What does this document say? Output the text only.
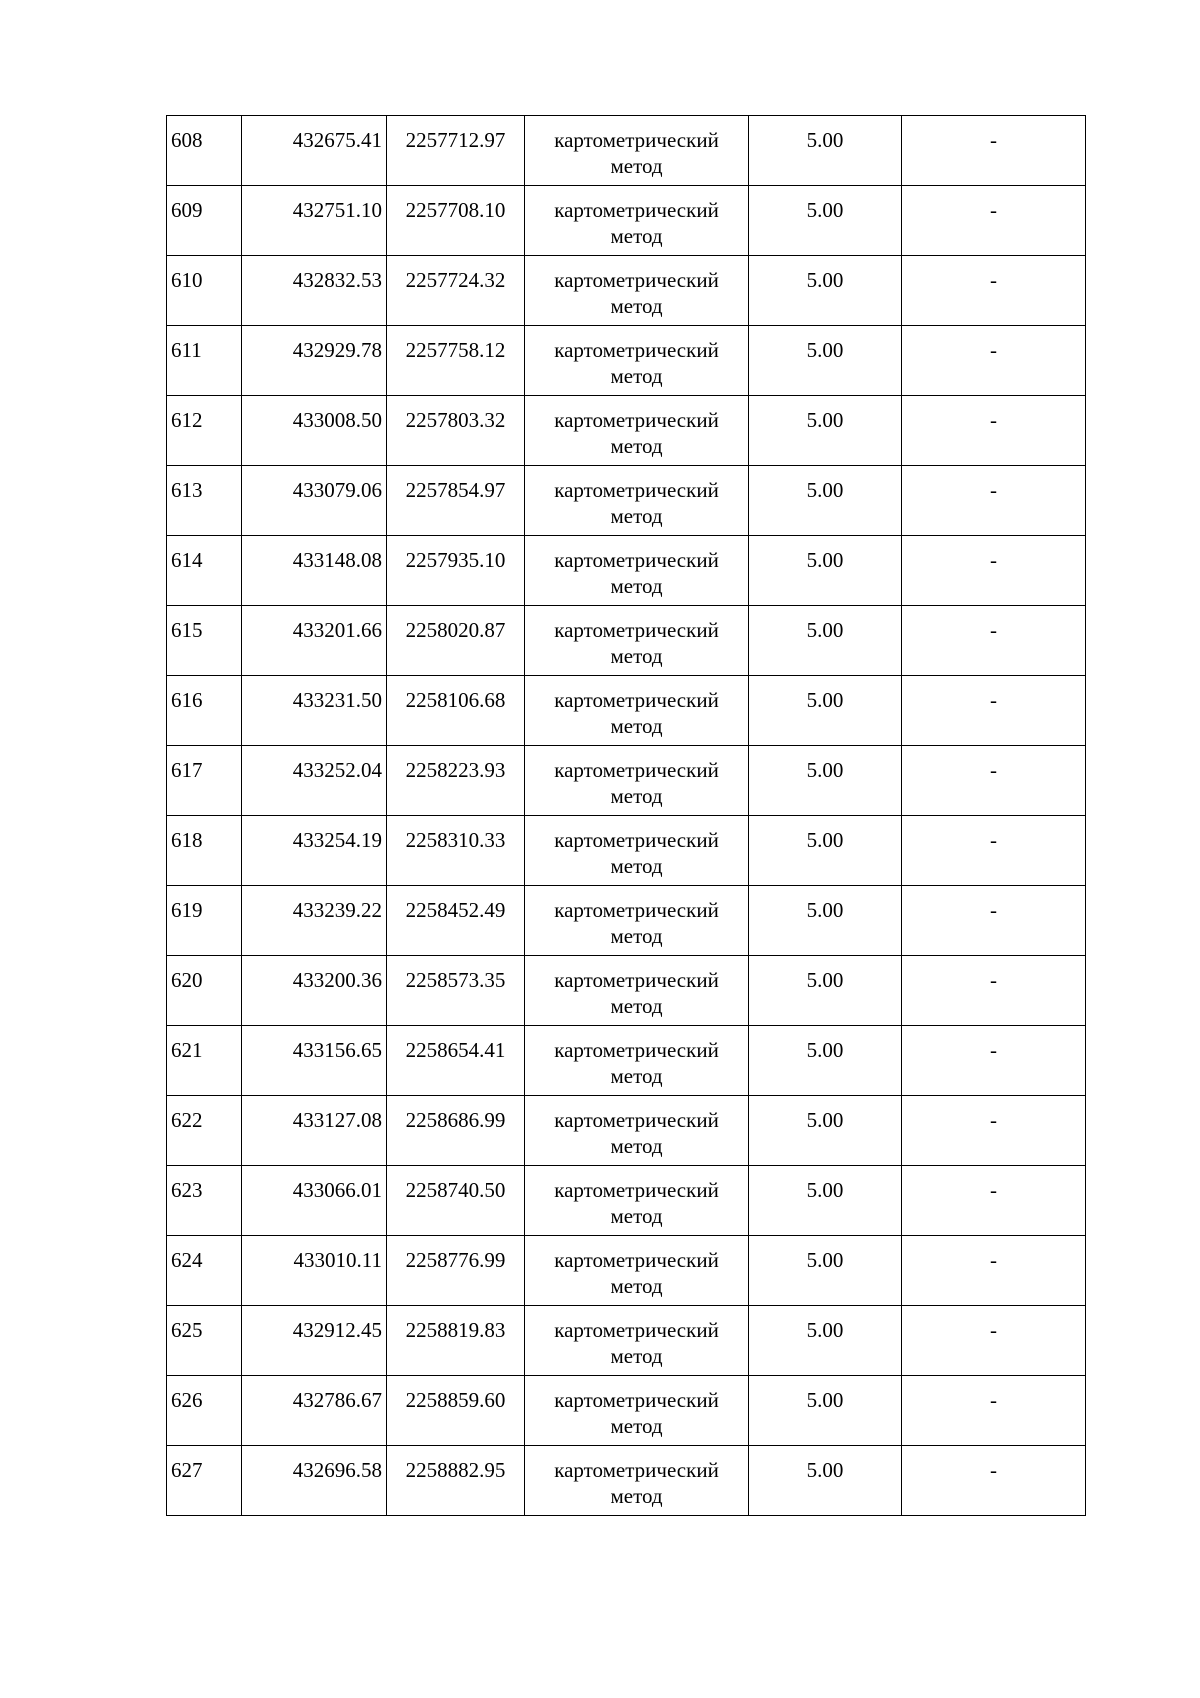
608	432675.41	2257712.97	картометрический метод	5.00	-
609	432751.10	2257708.10	картометрический метод	5.00	-
610	432832.53	2257724.32	картометрический метод	5.00	-
611	432929.78	2257758.12	картометрический метод	5.00	-
612	433008.50	2257803.32	картометрический метод	5.00	-
613	433079.06	2257854.97	картометрический метод	5.00	-
614	433148.08	2257935.10	картометрический метод	5.00	-
615	433201.66	2258020.87	картометрический метод	5.00	-
616	433231.50	2258106.68	картометрический метод	5.00	-
617	433252.04	2258223.93	картометрический метод	5.00	-
618	433254.19	2258310.33	картометрический метод	5.00	-
619	433239.22	2258452.49	картометрический метод	5.00	-
620	433200.36	2258573.35	картометрический метод	5.00	-
621	433156.65	2258654.41	картометрический метод	5.00	-
622	433127.08	2258686.99	картометрический метод	5.00	-
623	433066.01	2258740.50	картометрический метод	5.00	-
624	433010.11	2258776.99	картометрический метод	5.00	-
625	432912.45	2258819.83	картометрический метод	5.00	-
626	432786.67	2258859.60	картометрический метод	5.00	-
627	432696.58	2258882.95	картометрический метод	5.00	-
